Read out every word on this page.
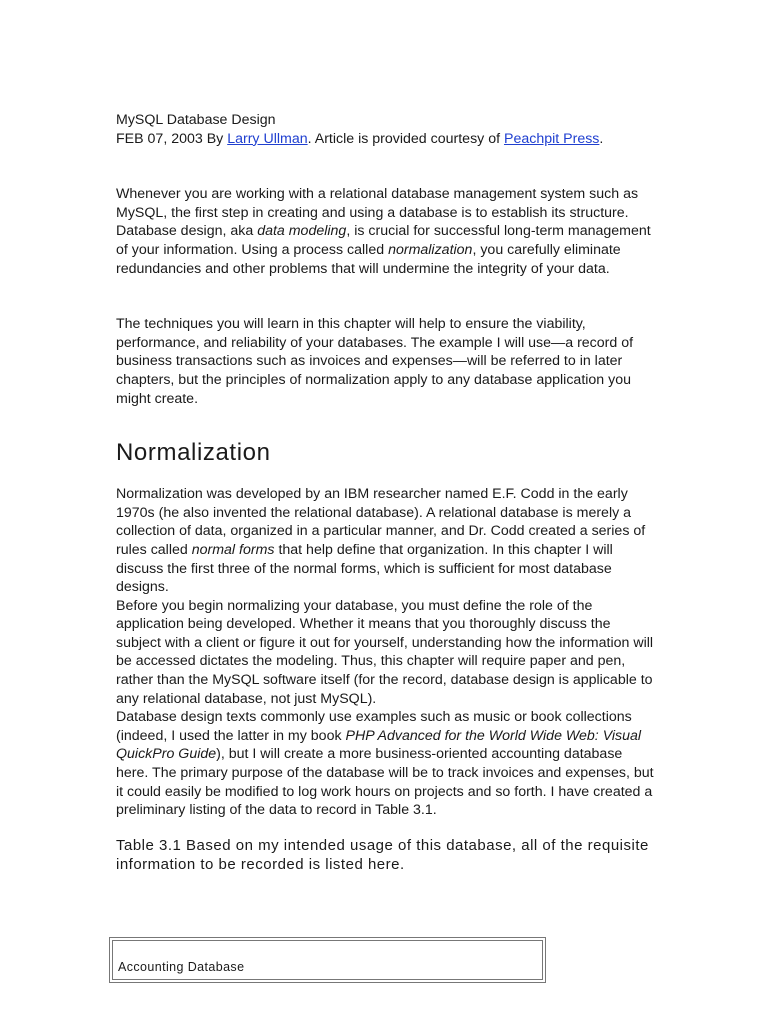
MySQL Database Design

FEB 07, 2003 By Larry Ullman. Article is provided courtesy of Peachpit Press.

Whenever you are working with a relational database management system such as MySQL, the first step in creating and using a database is to establish its structure. Database design, aka data modeling, is crucial for successful long-term management of your information. Using a process called normalization, you carefully eliminate redundancies and other problems that will undermine the integrity of your data.

The techniques you will learn in this chapter will help to ensure the viability, performance, and reliability of your databases. The example I will use—a record of business transactions such as invoices and expenses—will be referred to in later chapters, but the principles of normalization apply to any database application you might create.

Normalization

Normalization was developed by an IBM researcher named E.F. Codd in the early 1970s (he also invented the relational database). A relational database is merely a collection of data, organized in a particular manner, and Dr. Codd created a series of rules called normal forms that help define that organization. In this chapter I will discuss the first three of the normal forms, which is sufficient for most database designs.

Before you begin normalizing your database, you must define the role of the application being developed. Whether it means that you thoroughly discuss the subject with a client or figure it out for yourself, understanding how the information will be accessed dictates the modeling. Thus, this chapter will require paper and pen, rather than the MySQL software itself (for the record, database design is applicable to any relational database, not just MySQL).

Database design texts commonly use examples such as music or book collections (indeed, I used the latter in my book PHP Advanced for the World Wide Web: Visual QuickPro Guide), but I will create a more business-oriented accounting database here. The primary purpose of the database will be to track invoices and expenses, but it could easily be modified to log work hours on projects and so forth. I have created a preliminary listing of the data to record in Table 3.1.

Table 3.1 Based on my intended usage of this database, all of the requisite information to be recorded is listed here.

Accounting Database
